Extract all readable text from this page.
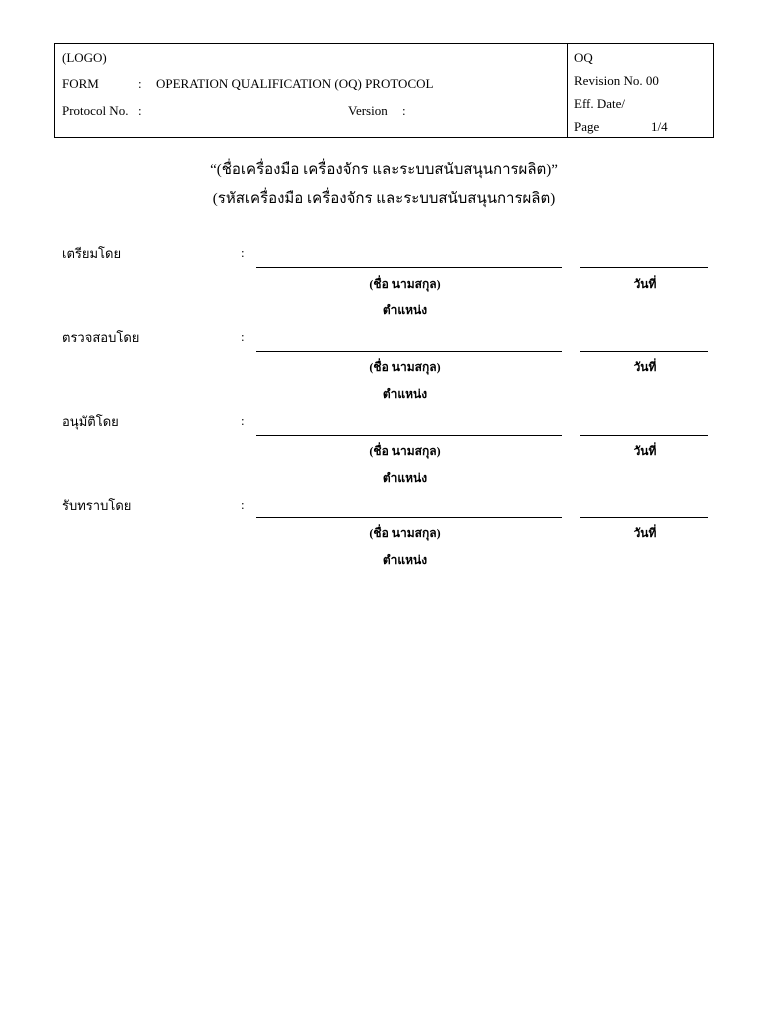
(LOGO)
FORM	: OPERATION QUALIFICATION (OQ) PROTOCOL
Protocol No. :	Version :
OQ
Revision No. 00
Eff. Date/
Page	1/4
“(ชื่อเครื่องมือ เครื่องจักร และระบบสนับสนุนการผลิต)”
(รหัสเครื่องมือ เครื่องจักร และระบบสนับสนุนการผลิต)
เตรียมโดย	:
(ชื่อ นามสกุล)	วันที่
ตำแหน่ง
ตรวจสอบโดย	:
(ชื่อ นามสกุล)	วันที่
ตำแหน่ง
อนุมัติโดย	:
(ชื่อ นามสกุล)	วันที่
ตำแหน่ง
รับทราบโดย	:
(ชื่อ นามสกุล)	วันที่
ตำแหน่ง
